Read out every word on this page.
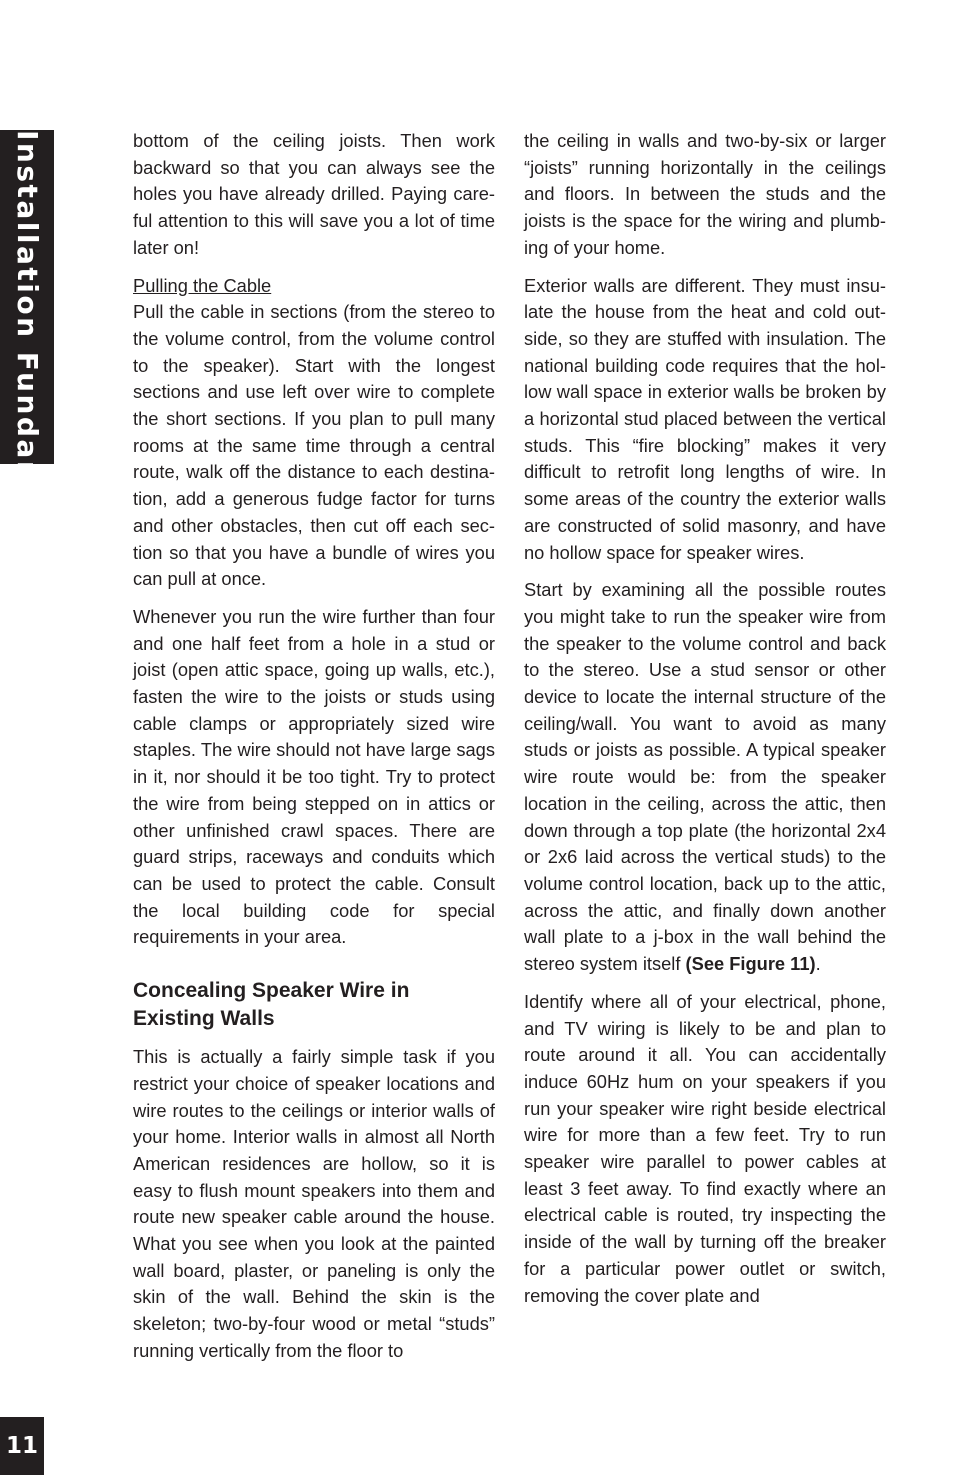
Installation Fundamentals	bottom of the ceiling joists. Then work backward so that you can always see the holes you have already drilled. Paying careful attention to this will save you a lot of time later on!

Pulling the Cable
Pull the cable in sections (from the stereo to the volume control, from the volume control to the speaker). Start with the longest sections and use left over wire to complete the short sections. If you plan to pull many rooms at the same time through a central route, walk off the distance to each destination, add a generous fudge factor for turns and other obstacles, then cut off each section so that you have a bundle of wires you can pull at once.

Whenever you run the wire further than four and one half feet from a hole in a stud or joist (open attic space, going up walls, etc.), fasten the wire to the joists or studs using cable clamps or appropriately sized wire staples. The wire should not have large sags in it, nor should it be too tight. Try to protect the wire from being stepped on in attics or other unfinished crawl spaces. There are guard strips, raceways and conduits which can be used to protect the cable. Consult the local building code for special requirements in your area.

Concealing Speaker Wire in
Existing Walls

This is actually a fairly simple task if you restrict your choice of speaker locations and wire routes to the ceilings or interior walls of your home. Interior walls in almost all North American residences are hollow, so it is easy to flush mount speakers into them and route new speaker cable around the house. What you see when you look at the painted wall board, plaster, or paneling is only the skin of the wall. Behind the skin is the skeleton; two-by-four wood or metal “studs” running vertically from the floor to

the ceiling in walls and two-by-six or larger “joists” running horizontally in the ceilings and floors. In between the studs and the joists is the space for the wiring and plumbing of your home.

Exterior walls are different. They must insulate the house from the heat and cold outside, so they are stuffed with insulation. The national building code requires that the hollow wall space in exterior walls be broken by a horizontal stud placed between the vertical studs. This “fire blocking” makes it very difficult to retrofit long lengths of wire. In some areas of the country the exterior walls are constructed of solid masonry, and have no hollow space for speaker wires.

Start by examining all the possible routes you might take to run the speaker wire from the speaker to the volume control and back to the stereo. Use a stud sensor or other device to locate the internal structure of the ceiling/wall. You want to avoid as many studs or joists as possible. A typical speaker wire route would be: from the speaker location in the ceiling, across the attic, then down through a top plate (the horizontal 2x4 or 2x6 laid across the vertical studs) to the volume control location, back up to the attic, across the attic, and finally down another wall plate to a j-box in the wall behind the stereo system itself (See Figure 11).

Identify where all of your electrical, phone, and TV wiring is likely to be and plan to route around it all. You can accidentally induce 60Hz hum on your speakers if you run your speaker wire right beside electrical wire for more than a few feet. Try to run speaker wire parallel to power cables at least 3 feet away. To find exactly where an electrical cable is routed, try inspecting the inside of the wall by turning off the breaker for a particular power outlet or switch, removing the cover plate and

11
